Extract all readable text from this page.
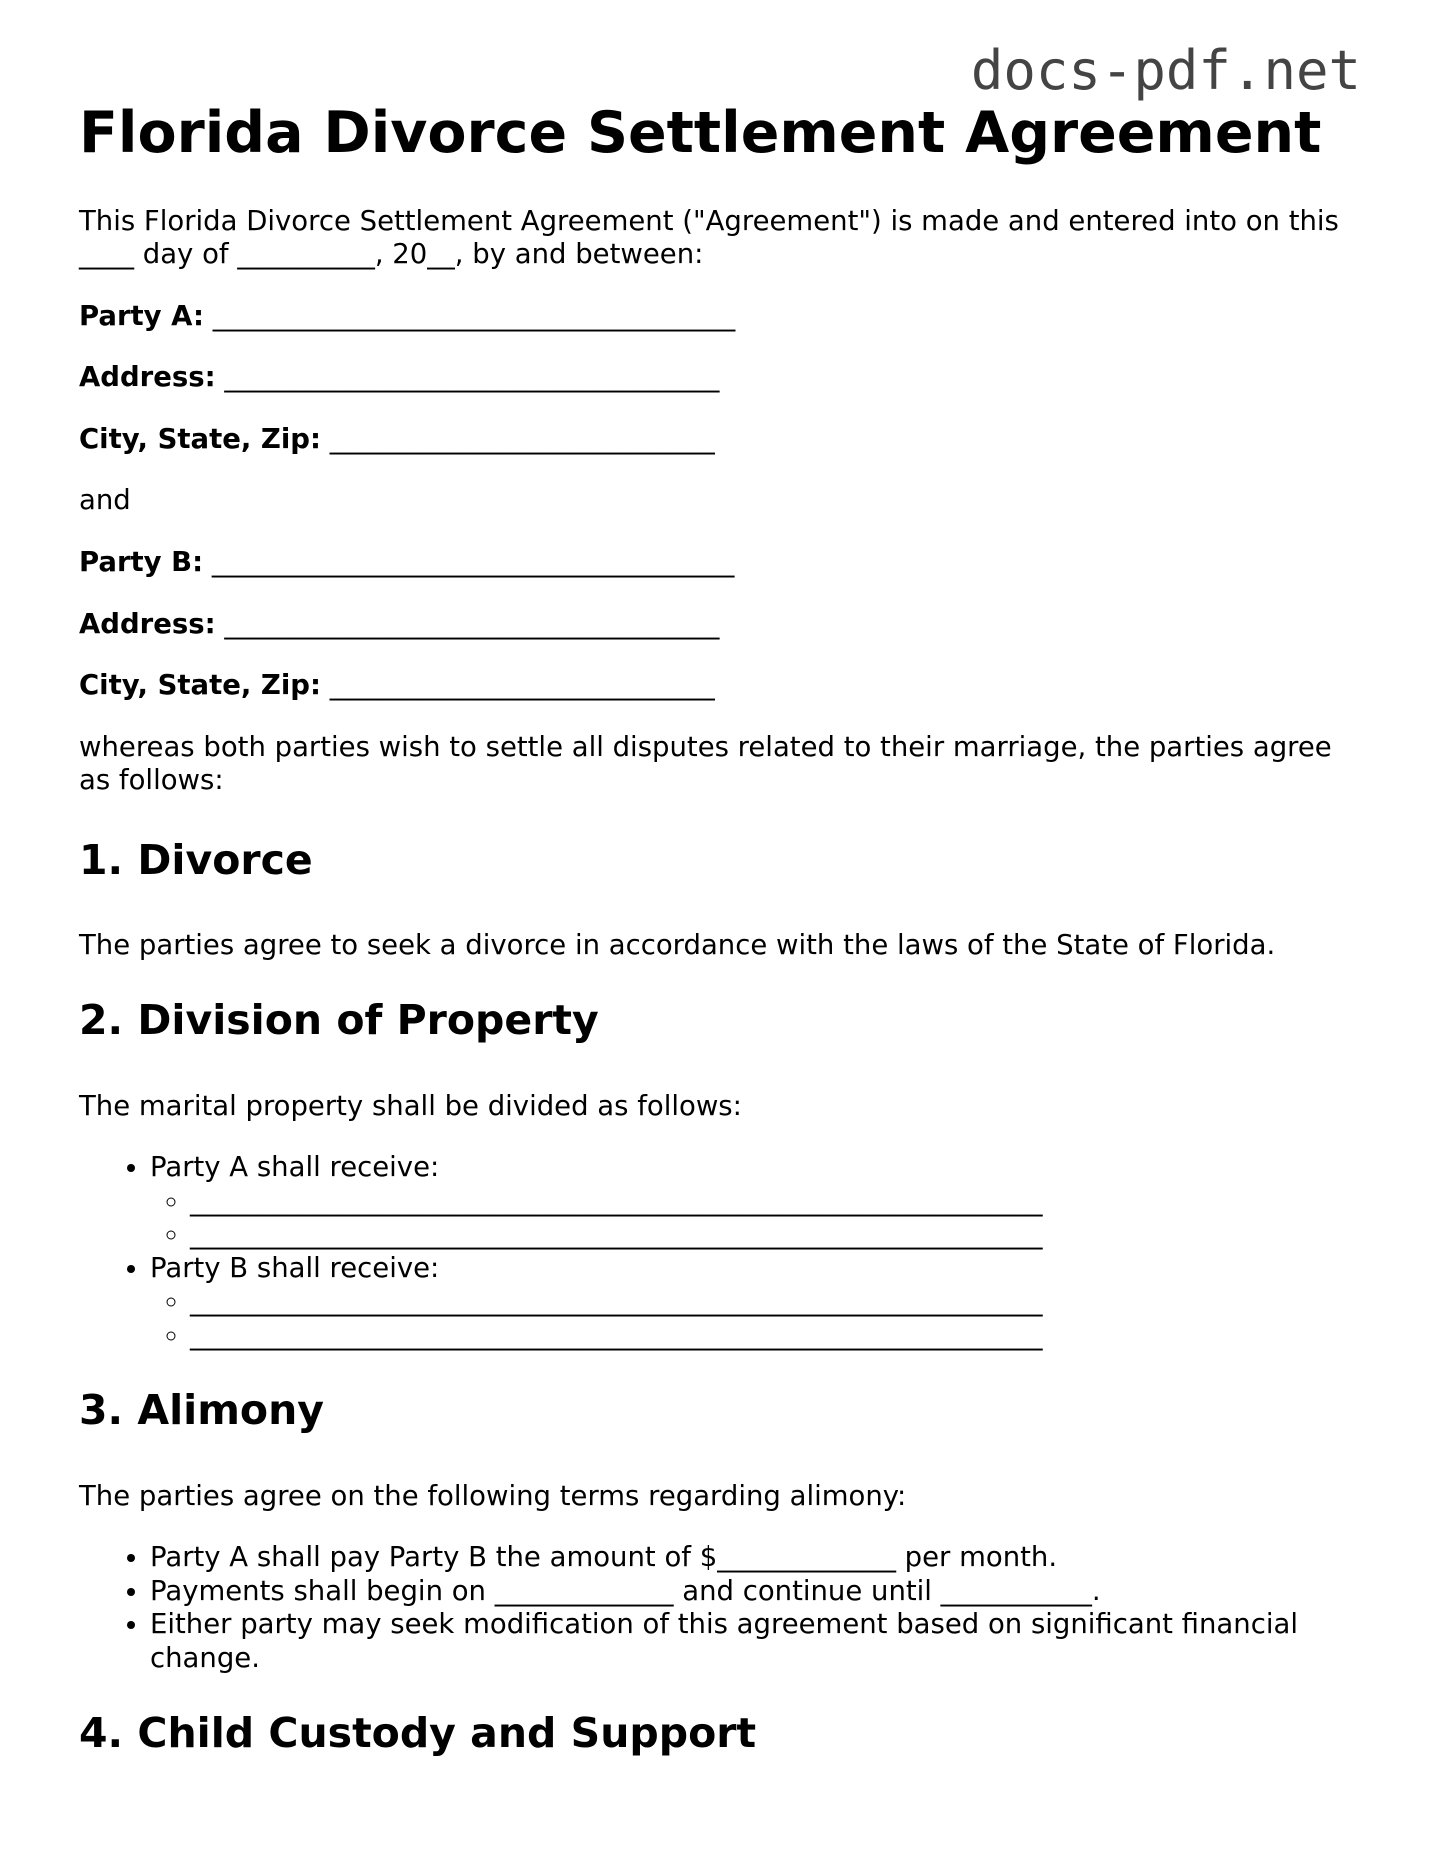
docs-pdf.net
Florida Divorce Settlement Agreement

This Florida Divorce Settlement Agreement ("Agreement") is made and entered into on this ____ day of __________, 20__, by and between:

Party A: ______________________________________

Address: ____________________________________

City, State, Zip: ____________________________

and

Party B: ______________________________________

Address: ____________________________________

City, State, Zip: ____________________________

whereas both parties wish to settle all disputes related to their marriage, the parties agree as follows:

1. Divorce

The parties agree to seek a divorce in accordance with the laws of the State of Florida.

2. Division of Property

The marital property shall be divided as follows:

• Party A shall receive:
◦ ______________________________________________________________
◦ ______________________________________________________________
• Party B shall receive:
◦ ______________________________________________________________
◦ ______________________________________________________________
3. Alimony

The parties agree on the following terms regarding alimony:

• Party A shall pay Party B the amount of $_____________ per month.
• Payments shall begin on _____________ and continue until ___________.
• Either party may seek modification of this agreement based on significant financial change.
4. Child Custody and Support
